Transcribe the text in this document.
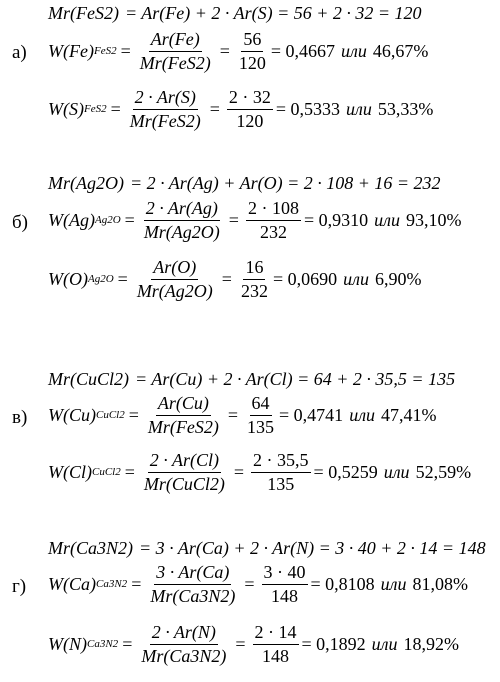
Mr(FeS2) = Ar(Fe) + 2 · Ar(S) = 56 + 2 · 32 = 120
а) W(Fe) $FeS2 = \frac{Ar(Fe)}{\text{Mr(FeS2)}} = \frac{56}{120} = 0,4667$ или 46,67%
W(S) $FeS2 = \frac{2 \cdot Ar(S)}{\text{Mr(FeS2)}} = \frac{2 \cdot 32}{120} = 0,5333$ или 53,33%
Mr(Ag2O) = 2 · Ar(Ag) + Ar(O) = 2 · 108 + 16 = 232
б) W(Ag) $Ag2O = \frac{2 \cdot Ar(Ag)}{Mr(Ag2O)} = \frac{2 \cdot 108}{232} = 0,9310$ или 93,10%
W(O) $Ag2O = \frac{Ar(O)}{Mr(Ag2O)} = \frac{16}{232} = 0,0690$ или 6,90%
Mr(CuCl2) = Ar(Cu) + 2 · Ar(Cl) = 64 + 2 · 35,5 = 135
в) W(Cu) CuCl2 = $\frac{Ar(Cu)}{\text{Mr(FeS2)}} = \frac{64}{135} = 0,4741$ или 47,41%
W(Cl) CuCl2 = $\frac{2 \cdot Ar(Cl)}{\text{Mr(CuCl2)}} = \frac{2 \cdot 35,5}{135} = 0,5259$ или 52,59%
Mr(Ca3N2) = 3 · Ar(Ca) + 2 · Ar(N) = 3 · 40 + 2 · 14 = 148
г) W(Ca) $Ca3N2 = \frac{3 \cdot Ar(Ca)}{Mr(Ca3N2)} = \frac{3 \cdot 40}{148} = 0,8108$ или 81,08%
W(N) $Ca3N2 = \frac{2 \cdot Ar(N)}{Mr(Ca3N2)} = \frac{2 \cdot 14}{148} = 0,1892$ или 18,92%
